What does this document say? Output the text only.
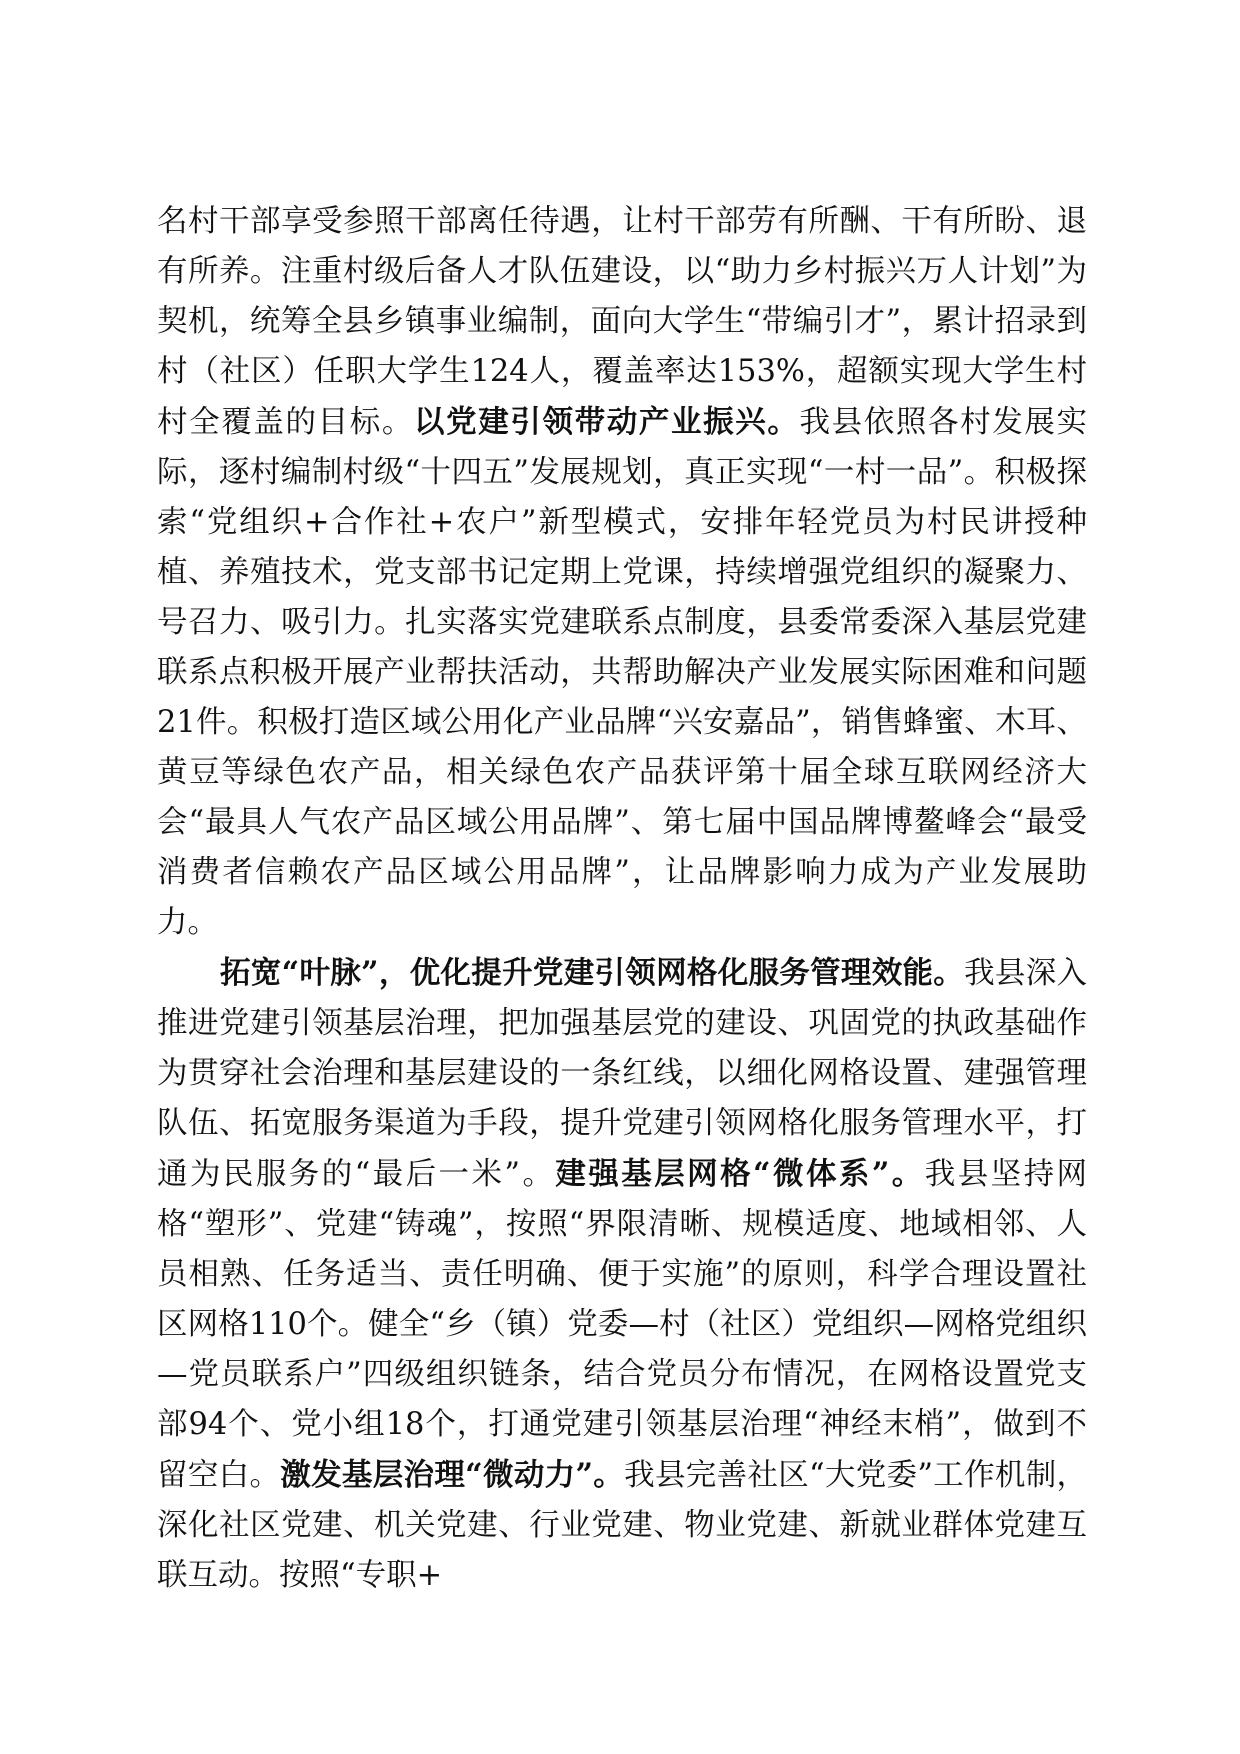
名村干部享受参照干部离任待遇，让村干部劳有所酬、干有所盼、退有所养。注重村级后备人才队伍建设，以“助力乡村振兴万人计划”为契机，统筹全县乡镇事业编制，面向大学生“带编引才”，累计招录到村（社区）任职大学生124人，覆盖率达153%，超额实现大学生村村全覆盖的目标。以党建引领带动产业振兴。我县依照各村发展实际，逐村编制村级“十四五”发展规划，真正实现“一村一品”。积极探索“党组织+合作社+农户”新型模式，安排年轻党员为村民讲授种植、养殖技术，党支部书记定期上党课，持续增强党组织的凝聚力、号召力、吸引力。扎实落实党建联系点制度，县委常委深入基层党建联系点积极开展产业帮扶活动，共帮助解决产业发展实际困难和问题21件。积极打造区域公用化产业品牌“兴安嘉品”，销售蜂蜜、木耳、黄豆等绿色农产品，相关绿色农产品获评第十届全球互联网经济大会“最具人气农产品区域公用品牌”、第七届中国品牌博鳌峰会“最受消费者信赖农产品区域公用品牌”，让品牌影响力成为产业发展助力。

拓宽“叶脉”，优化提升党建引领网格化服务管理效能。我县深入推进党建引领基层治理，把加强基层党的建设、巩固党的执政基础作为贯穿社会治理和基层建设的一条红线，以细化网格设置、建强管理队伍、拓宽服务渠道为手段，提升党建引领网格化服务管理水平，打通为民服务的“最后一米”。建强基层网格“微体系”。我县坚持网格“塑形”、党建“铸魂”，按照“界限清晰、规模适度、地域相邻、人员相熟、任务适当、责任明确、便于实施”的原则，科学合理设置社区网格110个。健全“乡（镇）党委—村（社区）党组织—网格党组织—党员联系户”四级组织链条，结合党员分布情况，在网格设置党支部94个、党小组18个，打通党建引领基层治理“神经末梢”，做到不留空白。激发基层治理“微动力”。我县完善社区“大党委”工作机制，深化社区党建、机关党建、行业党建、物业党建、新就业群体党建互联互动。按照“专职+
